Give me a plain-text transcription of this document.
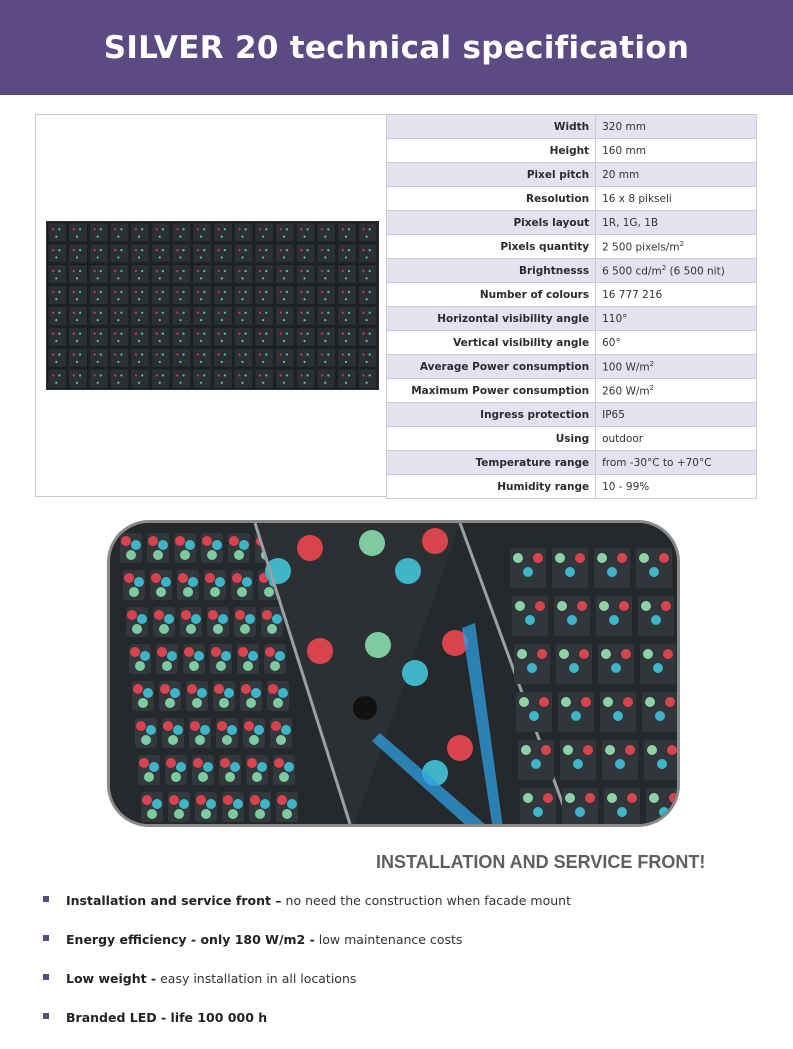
SILVER 20 technical specification
Width	320 mm
Height	160 mm
Pixel pitch	20 mm
Resolution	16 x 8 pikseli
Pixels layout	1R, 1G, 1B
Pixels quantity	2 500 pixels/$m^2$
Brightnesss	6 500 $cd/m^2$ (6 500 nit)
Number of colours	16 777 216
Horizontal visibility angle	110°
Vertical visibility angle	60°
Average Power consumption	100 $W/m^2$
Maximum Power consumption	260 $W/m^2$
Ingress protection	IP65
Using	outdoor
Temperature range	from -30°C to +70°C
Humidity range	10 - 99%
INSTALLATION AND SERVICE FRONT!
Installation and service front – no need the construction when facade mount
Energy efficiency - only 180 W/m2 - low maintenance costs
Low weight - easy installation in all locations
Branded LED - life 100 000 h
